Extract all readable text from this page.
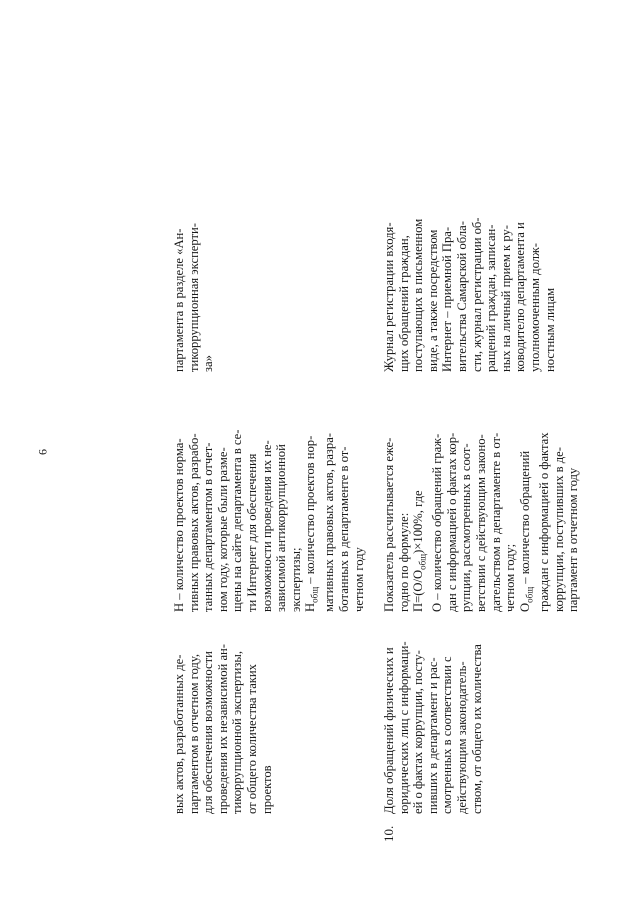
6
вых актов, разработанных де- партаментом в отчетном году, для обеспечения возможности проведения их независимой ан- тикоррупционной экспертизы, от общего количества таких проектов
Н – количество проектов норма- тивных правовых актов, разрабо- танных департаментом в отчет- ном году, которые были разме- щены на сайте департамента в се- ти Интернет для обеспечения возможности проведения их не- зависимой антикоррупционной экспертизы; $Н_{общ}$ – количество проектов нор- мативных правовых актов, разра- ботанных в департаменте в от- четном году
партамента в разделе «Ан- тикоррупционная эксперти- за»
10.
Доля обращений физических и юридических лиц с информаци- ей о фактах коррупции, посту- пивших в департамент и рас- смотренных в соответствии с действующим законодатель- ством, от общего их количества
Показатель рассчитывается еже- годно по формуле: $П=(О/О_{общ})\times 100\%$, где О – количество обращений граж- дан с информацией о фактах кор- рупции, рассмотренных в соот- ветствии с действующим законо- дательством в департаменте в от- четном году; $О_{общ}$ – количество обращений граждан с информацией о фактах коррупции, поступивших в де- партамент в отчетном году
Журнал регистрации входя- щих обращений граждан, поступающих в письменном виде, а также посредством Интернет – приемной Пра- вительства Самарской обла- сти, журнал регистрации об- ращений граждан, записан- ных на личный прием к ру- ководителю департамента и уполномоченным долж- ностным лицам
